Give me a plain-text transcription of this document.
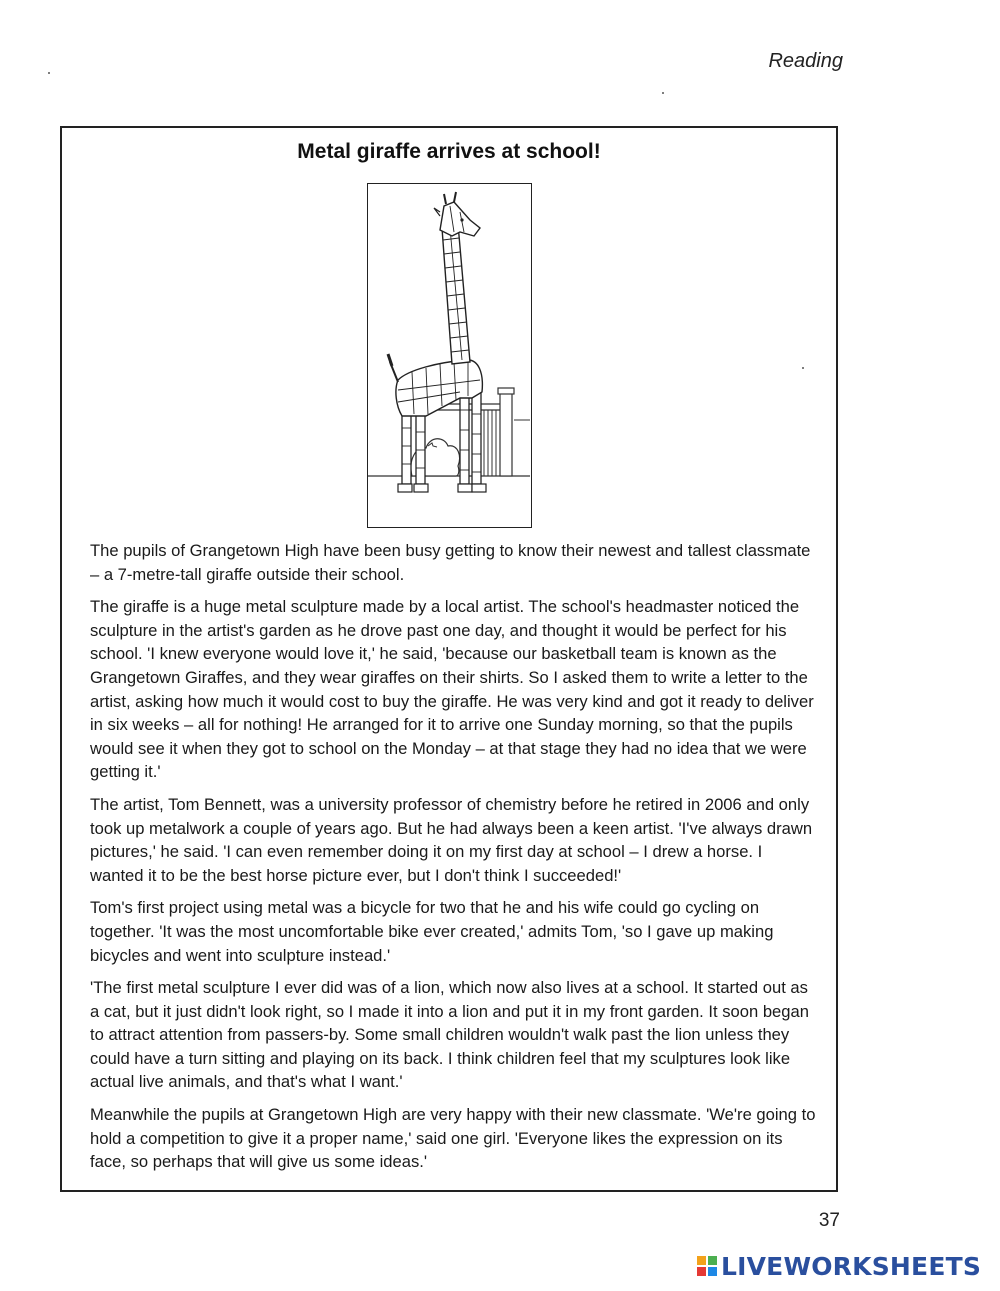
Reading
Metal giraffe arrives at school!

The pupils of Grangetown High have been busy getting to know their newest and tallest classmate – a 7-metre-tall giraffe outside their school.

The giraffe is a huge metal sculpture made by a local artist. The school's headmaster noticed the sculpture in the artist's garden as he drove past one day, and thought it would be perfect for his school. 'I knew everyone would love it,' he said, 'because our basketball team is known as the Grangetown Giraffes, and they wear giraffes on their shirts. So I asked them to write a letter to the artist, asking how much it would cost to buy the giraffe. He was very kind and got it ready to deliver in six weeks – all for nothing! He arranged for it to arrive one Sunday morning, so that the pupils would see it when they got to school on the Monday – at that stage they had no idea that we were getting it.'

The artist, Tom Bennett, was a university professor of chemistry before he retired in 2006 and only took up metalwork a couple of years ago. But he had always been a keen artist. 'I've always drawn pictures,' he said. 'I can even remember doing it on my first day at school – I drew a horse. I wanted it to be the best horse picture ever, but I don't think I succeeded!'

Tom's first project using metal was a bicycle for two that he and his wife could go cycling on together. 'It was the most uncomfortable bike ever created,' admits Tom, 'so I gave up making bicycles and went into sculpture instead.'

'The first metal sculpture I ever did was of a lion, which now also lives at a school. It started out as a cat, but it just didn't look right, so I made it into a lion and put it in my front garden. It soon began to attract attention from passers-by. Some small children wouldn't walk past the lion unless they could have a turn sitting and playing on its back. I think children feel that my sculptures look like actual live animals, and that's what I want.'

Meanwhile the pupils at Grangetown High are very happy with their new classmate. 'We're going to hold a competition to give it a proper name,' said one girl. 'Everyone likes the expression on its face, so perhaps that will give us some ideas.'

37
LIVEWORKSHEETS
